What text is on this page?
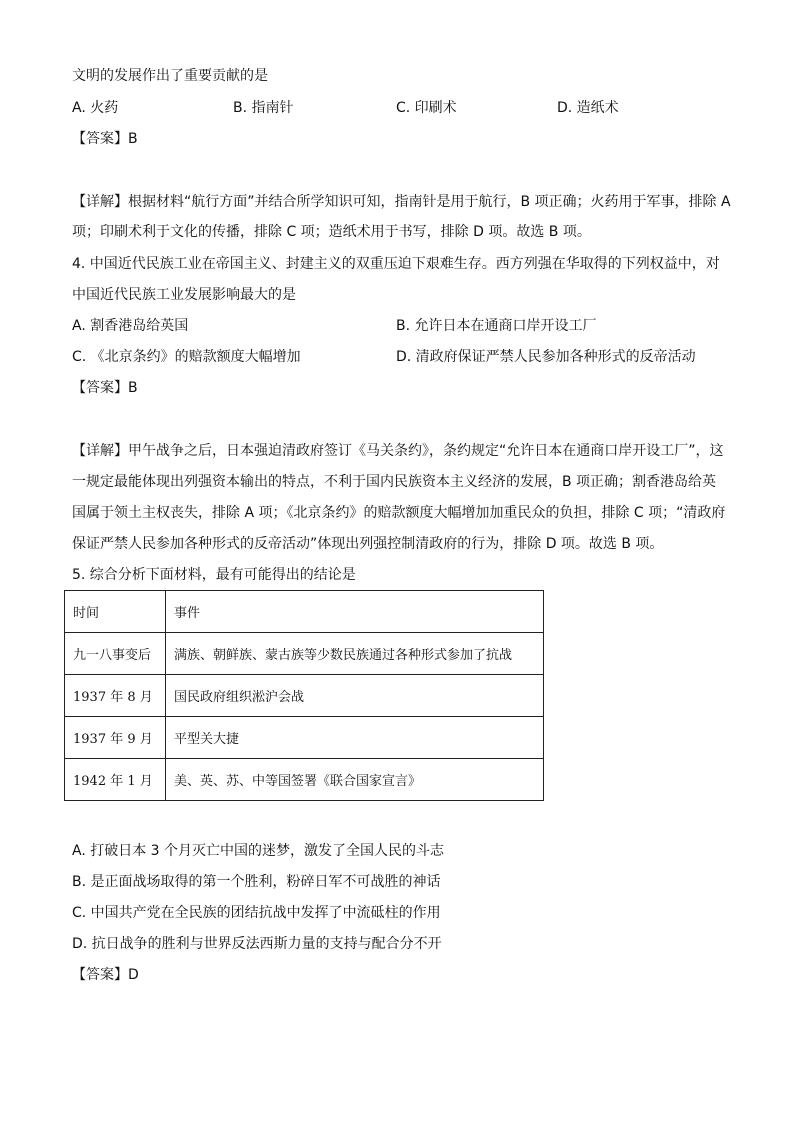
文明的发展作出了重要贡献的是
A. 火药	B. 指南针	C. 印刷术	D. 造纸术
【答案】B
【详解】根据材料“航行方面”并结合所学知识可知，指南针是用于航行，B 项正确；火药用于军事，排除 A
项；印刷术利于文化的传播，排除 C 项；造纸术用于书写，排除 D 项。故选 B 项。
4. 中国近代民族工业在帝国主义、封建主义的双重压迫下艰难生存。西方列强在华取得的下列权益中，对
中国近代民族工业发展影响最大的是
A. 割香港岛给英国	B. 允许日本在通商口岸开设工厂
C. 《北京条约》的赔款额度大幅增加	D. 清政府保证严禁人民参加各种形式的反帝活动
【答案】B
【详解】甲午战争之后，日本强迫清政府签订《马关条约》，条约规定“允许日本在通商口岸开设工厂”，这
一规定最能体现出列强资本输出的特点，不利于国内民族资本主义经济的发展，B 项正确；割香港岛给英
国属于领土主权丧失，排除 A 项；《北京条约》的赔款额度大幅增加加重民众的负担，排除 C 项；“清政府
保证严禁人民参加各种形式的反帝活动”体现出列强控制清政府的行为，排除 D 项。故选 B 项。
5. 综合分析下面材料，最有可能得出的结论是
时间	事件
九一八事变后	满族、朝鲜族、蒙古族等少数民族通过各种形式参加了抗战
1937 年 8 月	国民政府组织淞沪会战
1937 年 9 月	平型关大捷
1942 年 1 月	美、英、苏、中等国签署《联合国家宣言》
A. 打破日本 3 个月灭亡中国的迷梦，激发了全国人民的斗志
B. 是正面战场取得的第一个胜利，粉碎日军不可战胜的神话
C. 中国共产党在全民族的团结抗战中发挥了中流砥柱的作用
D. 抗日战争的胜利与世界反法西斯力量的支持与配合分不开
【答案】D
